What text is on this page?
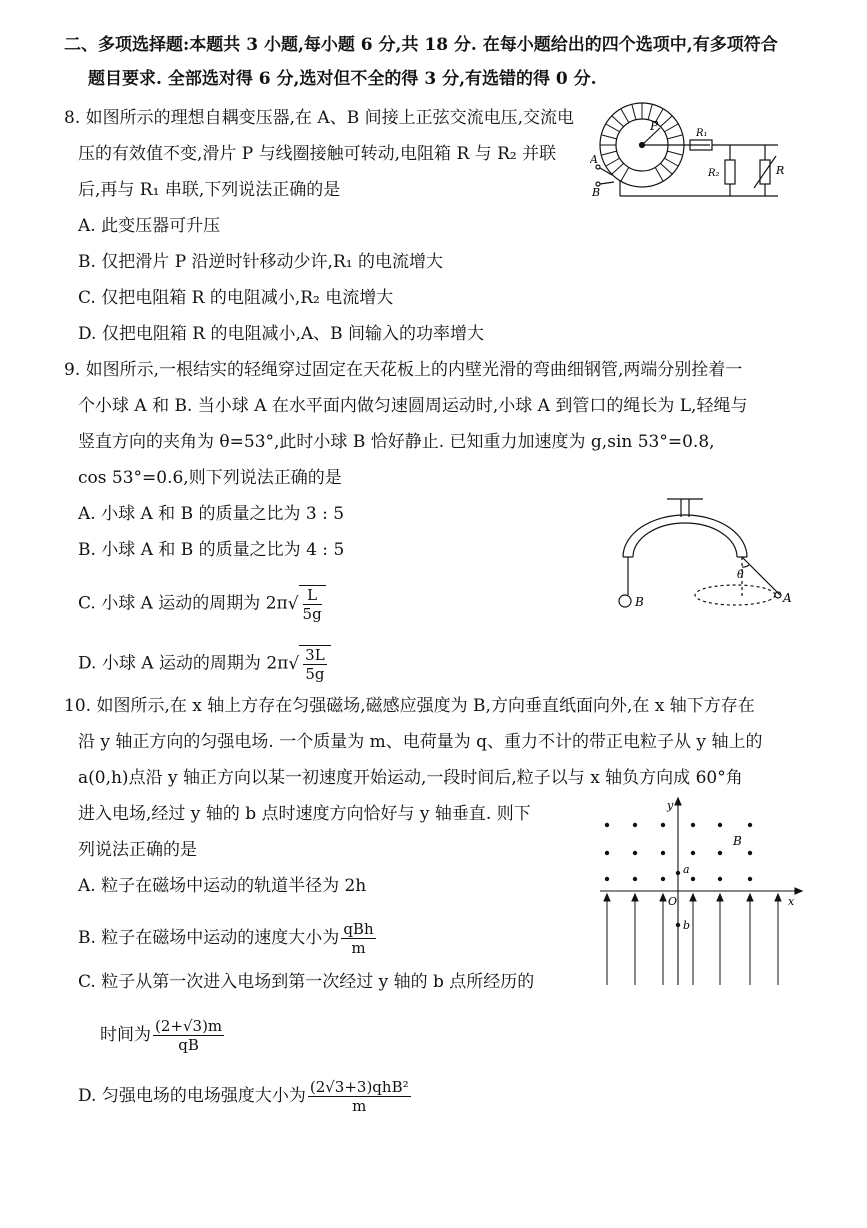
二、多项选择题:本题共 3 小题,每小题 6 分,共 18 分. 在每小题给出的四个选项中,有多项符合
题目要求. 全部选对得 6 分,选对但不全的得 3 分,有选错的得 0 分.
8. 如图所示的理想自耦变压器,在 A、B 间接上正弦交流电压,交流电
压的有效值不变,滑片 P 与线圈接触可转动,电阻箱 R 与 R₂ 并联
后,再与 R₁ 串联,下列说法正确的是
A. 此变压器可升压
B. 仅把滑片 P 沿逆时针移动少许,R₁ 的电流增大
C. 仅把电阻箱 R 的电阻减小,R₂ 电流增大
D. 仅把电阻箱 R 的电阻减小,A、B 间输入的功率增大
P
A
B
R₁
R₂	R
9. 如图所示,一根结实的轻绳穿过固定在天花板上的内壁光滑的弯曲细钢管,两端分别拴着一
个小球 A 和 B. 当小球 A 在水平面内做匀速圆周运动时,小球 A 到管口的绳长为 L,轻绳与
竖直方向的夹角为 θ=53°,此时小球 B 恰好静止. 已知重力加速度为 g,sin 53°=0.8,
cos 53°=0.6,则下列说法正确的是
A. 小球 A 和 B 的质量之比为 3 : 5
B. 小球 A 和 B 的质量之比为 4 : 5
C. 小球 A 运动的周期为 $2\pi√ \frac{L}{5g}$
D. 小球 A 运动的周期为 $2\pi√ \frac{3L}{5g}$
B	A
θ
10. 如图所示,在 x 轴上方存在匀强磁场,磁感应强度为 B,方向垂直纸面向外,在 x 轴下方存在
沿 y 轴正方向的匀强电场. 一个质量为 m、电荷量为 q、重力不计的带正电粒子从 y 轴上的
a(0,h)点沿 y 轴正方向以某一初速度开始运动,一段时间后,粒子以与 x 轴负方向成 60°角
进入电场,经过 y 轴的 b 点时速度方向恰好与 y 轴垂直. 则下
列说法正确的是
A. 粒子在磁场中运动的轨道半径为 2h
B. 粒子在磁场中运动的速度大小为 $\frac{\text{qBh}}{m}$
C. 粒子从第一次进入电场到第一次经过 y 轴的 b 点所经历的
时间为 $\frac{(2+√3)m}{qB}$
D. 匀强电场的电场强度大小为 $\frac{\text{(2√3+3)qhB²}}{m}$
y
x
O
a
b
B
